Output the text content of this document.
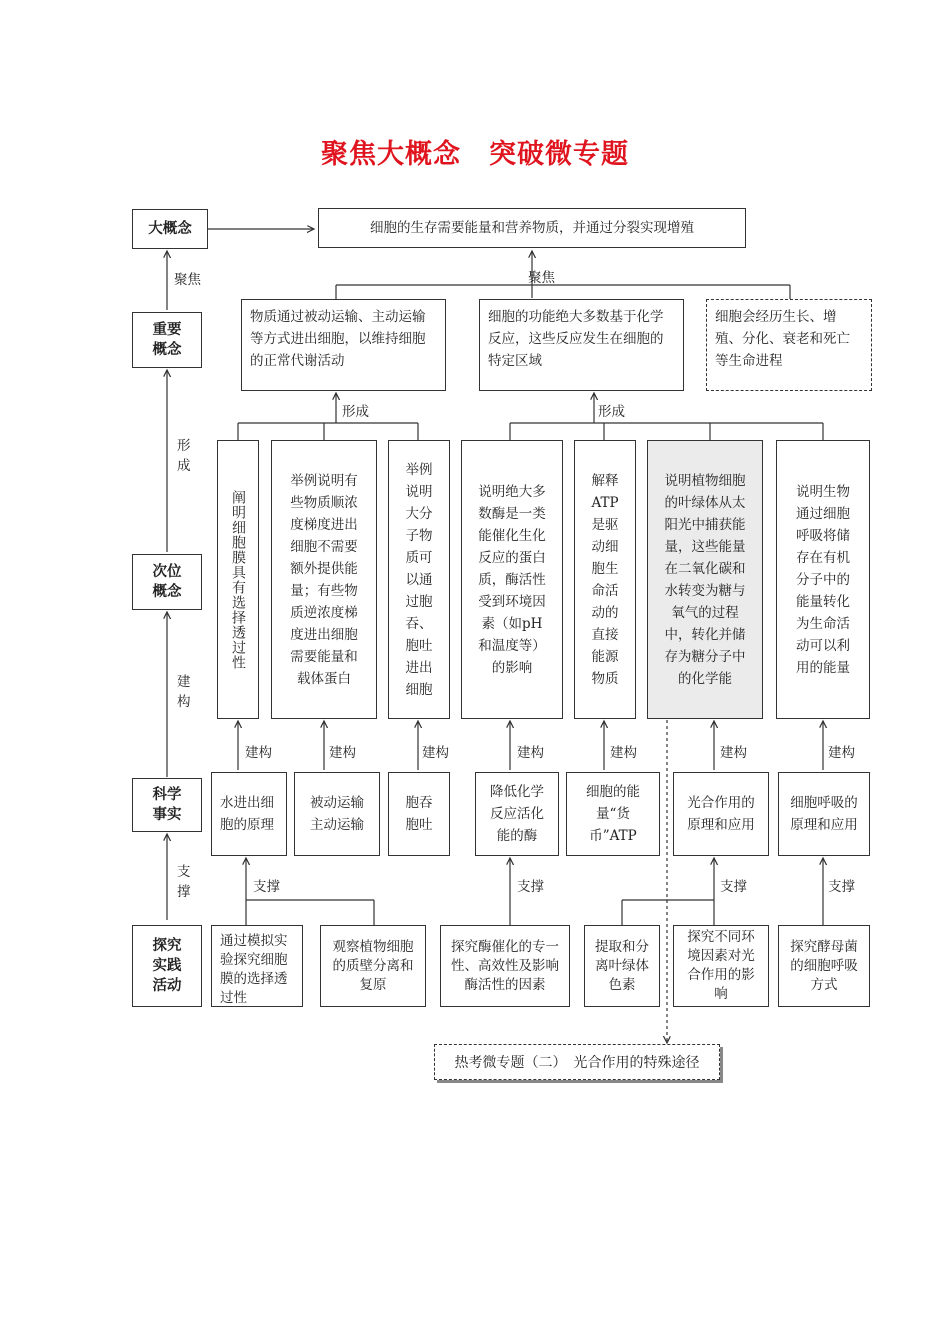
聚焦大概念　突破微专题
大概念
重要
概念
次位
概念
科学
事实
探究
实践
活动
聚焦
形
成
建
构
支
撑
细胞的生存需要能量和营养物质，并通过分裂实现增殖
聚焦
物质通过被动运输、主动运输等方式进出细胞，以维持细胞的正常代谢活动
细胞的功能绝大多数基于化学反应，这些反应发生在细胞的特定区域
细胞会经历生长、增殖、分化、衰老和死亡等生命进程
形成	形成
阐明细胞膜具有选择透过性
举例说明有些物质顺浓度梯度进出细胞不需要额外提供能量；有些物质逆浓度梯度进出细胞需要能量和载体蛋白
举例说明大分子物质可以通过胞吞、胞吐进出细胞
说明绝大多数酶是一类能催化生化反应的蛋白质，酶活性受到环境因素（如pH和温度等）的影响
解释ATP是驱动细胞生命活动的直接能源物质
说明植物细胞的叶绿体从太阳光中捕获能量，这些能量在二氧化碳和水转变为糖与氧气的过程中，转化并储存为糖分子中的化学能
说明生物通过细胞呼吸将储存在有机分子中的能量转化为生命活动可以利用的能量
建构	建构	建构	建构	建构	建构	建构
水进出细胞的原理
被动运输
主动运输
胞吞
胞吐
降低化学反应活化能的酶
细胞的能量“货币”ATP
光合作用的原理和应用
细胞呼吸的原理和应用
支撑	支撑	支撑	支撑
通过模拟实验探究细胞膜的选择透过性
观察植物细胞的质壁分离和复原
探究酶催化的专一性、高效性及影响酶活性的因素
提取和分离叶绿体色素
探究不同环境因素对光合作用的影响
探究酵母菌的细胞呼吸方式
热考微专题（二）　光合作用的特殊途径
